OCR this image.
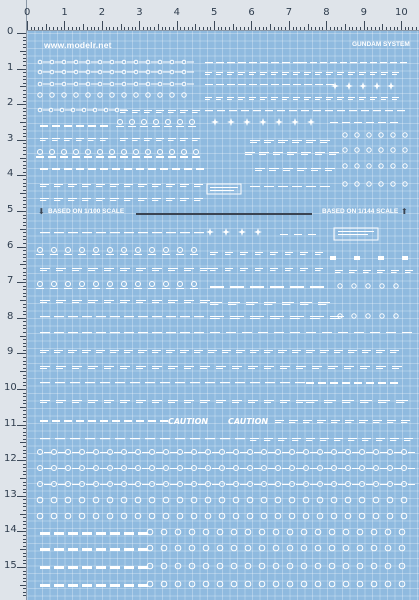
0	1	2	3	4	5	6	7	8	9	10
0
1
2
3
4
5
6
7
8
9
10
11
12
13
14
15
www.modelr.net	GUNDAM SYSTEM
⬇ BASED ON 1/100 SCALE	BASED ON 1/144 SCALE ⬆
CAUTION CAUTION
